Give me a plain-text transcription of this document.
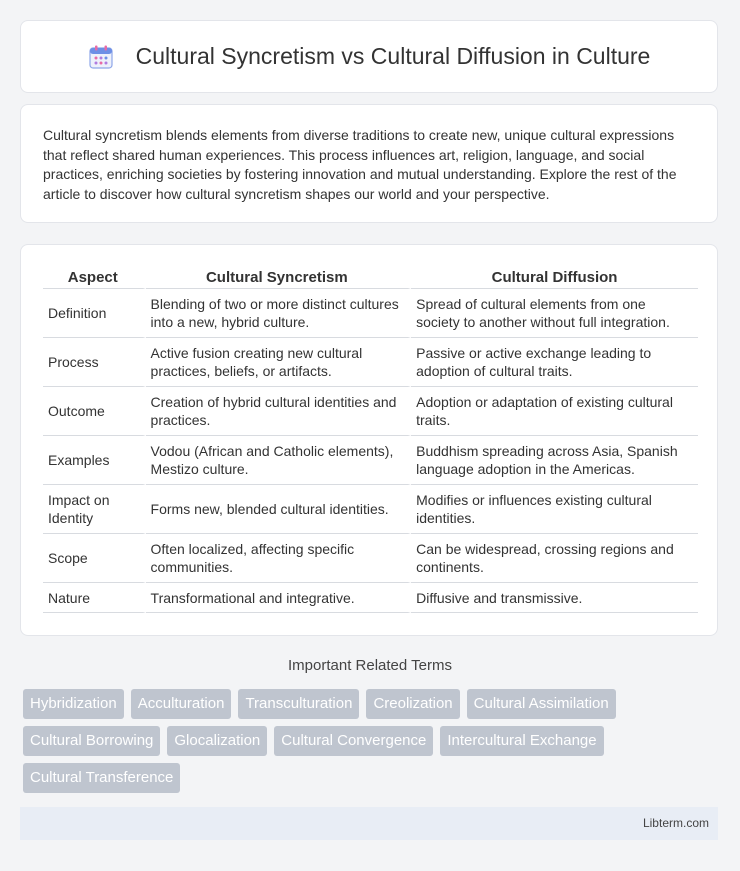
Cultural Syncretism vs Cultural Diffusion in Culture

Cultural syncretism blends elements from diverse traditions to create new, unique cultural expressions that reflect shared human experiences. This process influences art, religion, language, and social practices, enriching societies by fostering innovation and mutual understanding. Explore the rest of the article to discover how cultural syncretism shapes our world and your perspective.

Aspect	Cultural Syncretism	Cultural Diffusion
Definition	Blending of two or more distinct cultures into a new, hybrid culture.	Spread of cultural elements from one society to another without full integration.
Process	Active fusion creating new cultural practices, beliefs, or artifacts.	Passive or active exchange leading to adoption of cultural traits.
Outcome	Creation of hybrid cultural identities and practices.	Adoption or adaptation of existing cultural traits.
Examples	Vodou (African and Catholic elements), Mestizo culture.	Buddhism spreading across Asia, Spanish language adoption in the Americas.
Impact on Identity	Forms new, blended cultural identities.	Modifies or influences existing cultural identities.
Scope	Often localized, affecting specific communities.	Can be widespread, crossing regions and continents.
Nature	Transformational and integrative.	Diffusive and transmissive.
Important Related Terms
Hybridization	Acculturation	Transculturation	Creolization	Cultural Assimilation
Cultural Borrowing	Glocalization	Cultural Convergence	Intercultural Exchange
Cultural Transference
Libterm.com
